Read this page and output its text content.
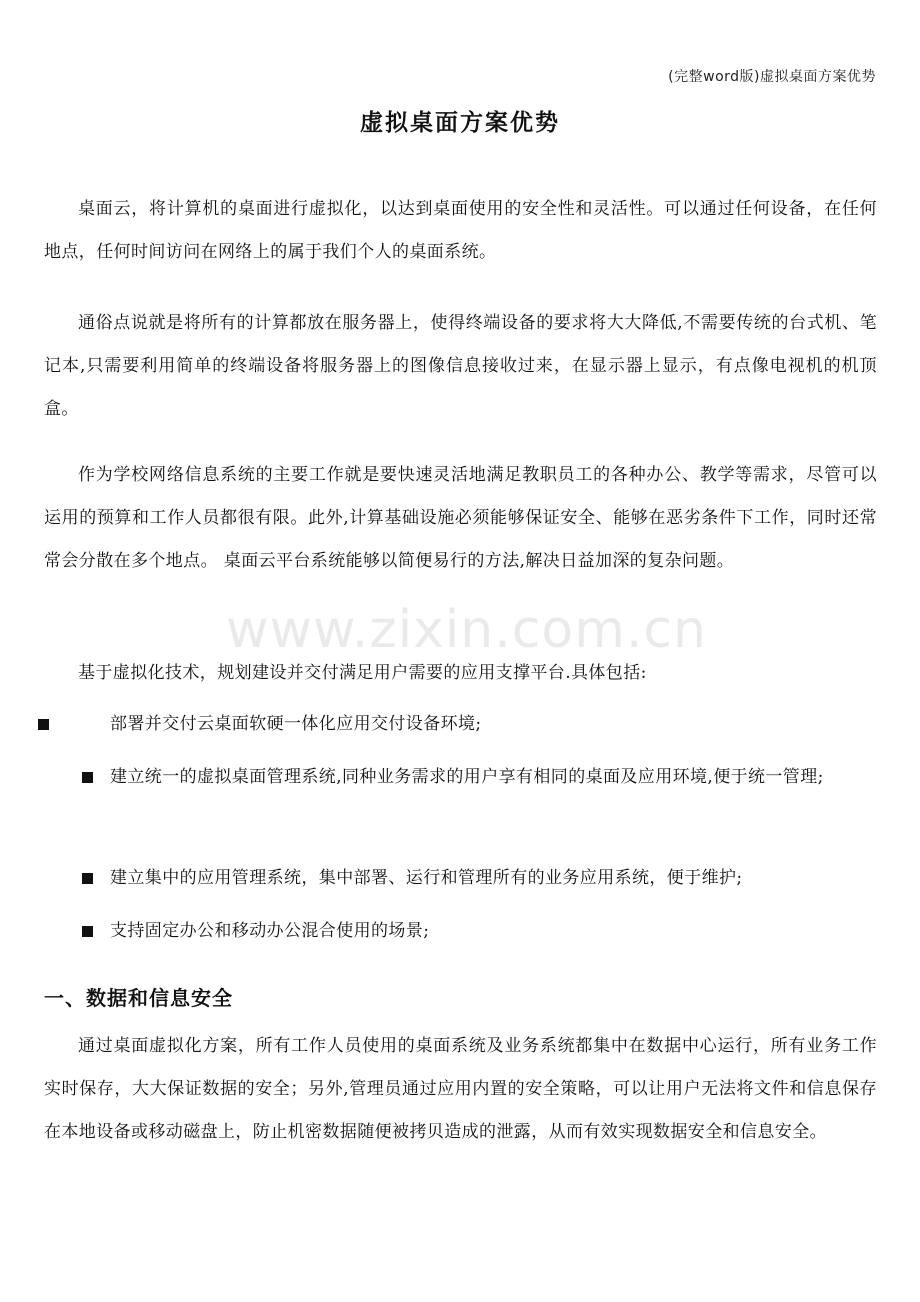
(完整word版)虚拟桌面方案优势
虚拟桌面方案优势

桌面云，将计算机的桌面进行虚拟化，以达到桌面使用的安全性和灵活性。可以通过任何设备，在任何地点，任何时间访问在网络上的属于我们个人的桌面系统。

通俗点说就是将所有的计算都放在服务器上，使得终端设备的要求将大大降低,不需要传统的台式机、笔记本,只需要利用简单的终端设备将服务器上的图像信息接收过来，在显示器上显示，有点像电视机的机顶盒。

作为学校网络信息系统的主要工作就是要快速灵活地满足教职员工的各种办公、教学等需求，尽管可以运用的预算和工作人员都很有限。此外,计算基础设施必须能够保证安全、能够在恶劣条件下工作，同时还常常会分散在多个地点。 桌面云平台系统能够以简便易行的方法,解决日益加深的复杂问题。

基于虚拟化技术，规划建设并交付满足用户需要的应用支撑平台.具体包括:

部署并交付云桌面软硬一体化应用交付设备环境;
建立统一的虚拟桌面管理系统,同种业务需求的用户享有相同的桌面及应用环境,便于统一管理;
建立集中的应用管理系统，集中部署、运行和管理所有的业务应用系统，便于维护;
支持固定办公和移动办公混合使用的场景;
一、数据和信息安全

通过桌面虚拟化方案，所有工作人员使用的桌面系统及业务系统都集中在数据中心运行，所有业务工作实时保存，大大保证数据的安全；另外,管理员通过应用内置的安全策略，可以让用户无法将文件和信息保存在本地设备或移动磁盘上，防止机密数据随便被拷贝造成的泄露，从而有效实现数据安全和信息安全。

www.zixin.com.cn
